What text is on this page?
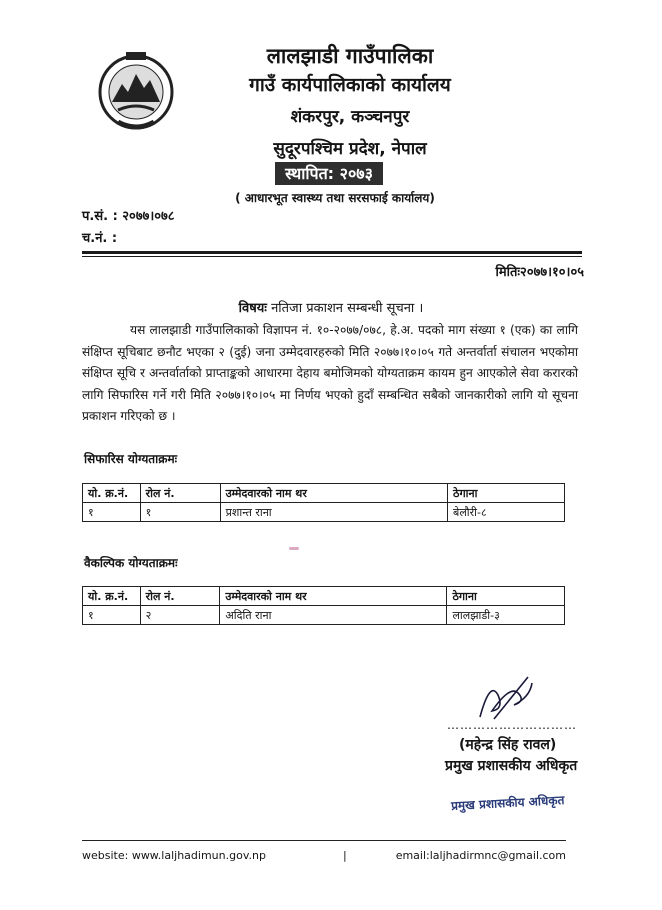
लालझाडी गाउँपालिका
गाउँ कार्यपालिकाको कार्यालय
शंकरपुर, कञ्चनपुर
सुदूरपश्चिम प्रदेश, नेपाल
स्थापित: २०७३
( आधारभूत स्वास्थ्य तथा सरसफाई कार्यालय)
प.सं. : २०७७।०७८
च.नं. :
मितिः२०७७।१०।०५
विषयः नतिजा प्रकाशन सम्बन्धी सूचना ।

यस लालझाडी गाउँपालिकाको विज्ञापन नं. १०-२०७७/०७८, हे.अ. पदको माग संख्या १ (एक) का लागि संक्षिप्त सूचिबाट छनौट भएका २ (दुई) जना उम्मेदवारहरुको मिति २०७७।१०।०५ गते अन्तर्वार्ता संचालन भएकोमा संक्षिप्त सूचि र अन्तर्वार्ताको प्राप्ताङ्कको आधारमा देहाय बमोजिमको योग्यताक्रम कायम हुन आएकोले सेवा करारको लागि सिफारिस गर्ने गरी मिति २०७७।१०।०५ मा निर्णय भएको हुदाँ सम्बन्धित सबैको जानकारीको लागि यो सूचना प्रकाशन गरिएको छ ।

सिफारिस योग्यताक्रमः
यो. क्र.नं.	रोल नं.	उम्मेदवारको नाम थर	ठेगाना
१	१	प्रशान्त राना	बेलौरी-८
वैकल्पिक योग्यताक्रमः
यो. क्र.नं.	रोल नं.	उम्मेदवारको नाम थर	ठेगाना
१	२	अदिति राना	लालझाडी-३
…………………………
(महेन्द्र सिंह रावल)
प्रमुख प्रशासकीय अधिकृत
प्रमुख प्रशासकीय अधिकृत
website: www.laljhadimun.gov.np	|	email:laljhadirmnc@gmail.com
